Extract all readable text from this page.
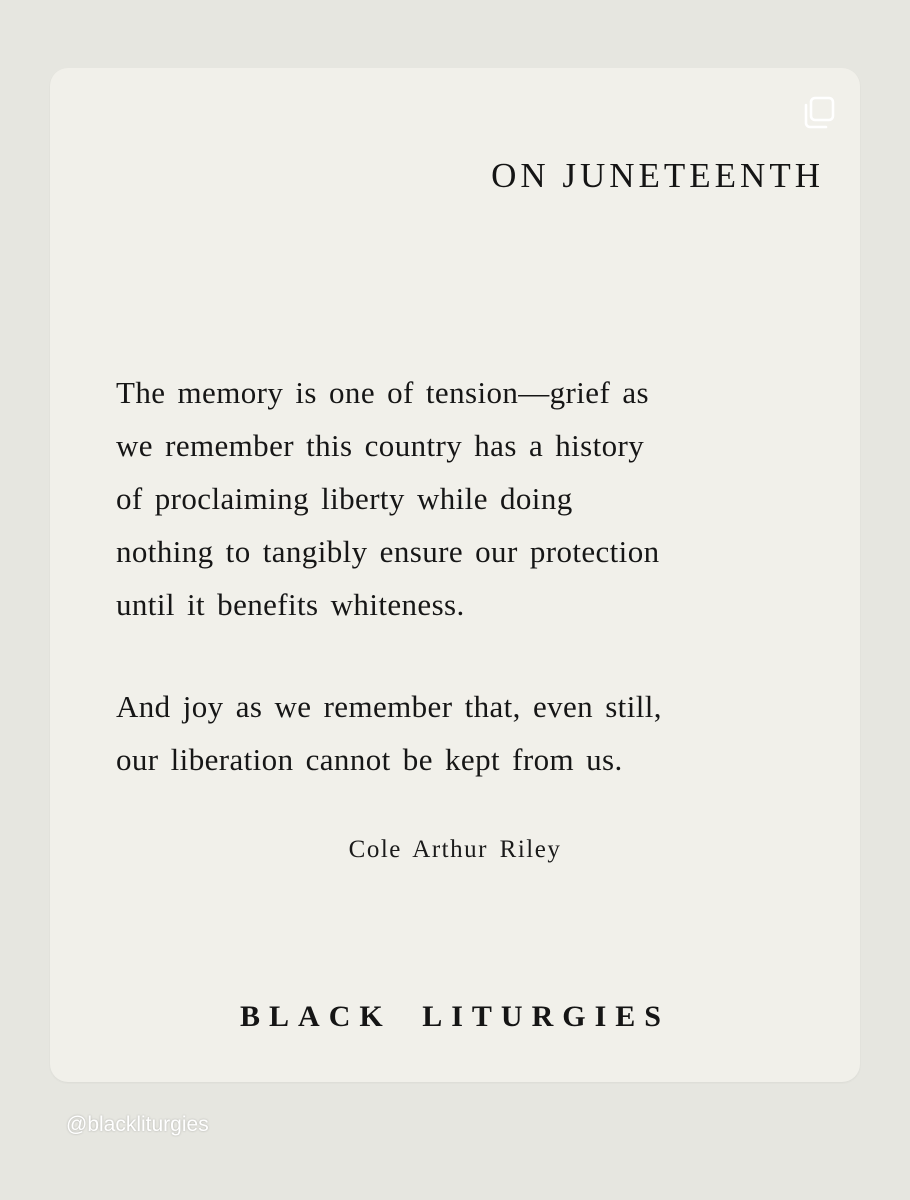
ON JUNETEENTH

The memory is one of tension—grief as
we remember this country has a history
of proclaiming liberty while doing
nothing to tangibly ensure our protection
until it benefits whiteness.

And joy as we remember that, even still,
our liberation cannot be kept from us.

Cole Arthur Riley
BLACK LITURGIES
@blackliturgies
